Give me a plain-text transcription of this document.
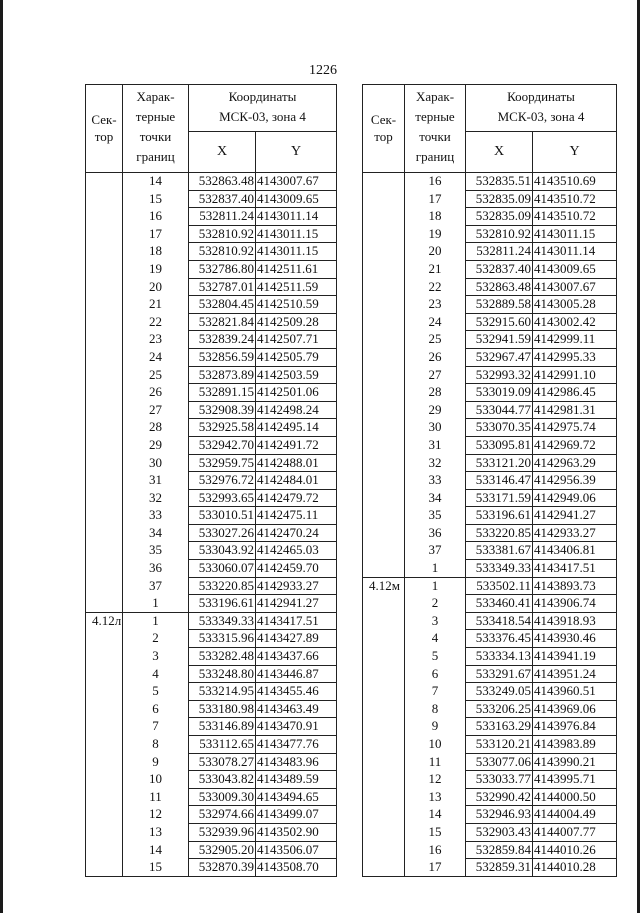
1226
Сек-
тор	Харак-
терные
точки
границ	Координаты
МСК-03, зона 4	
		X	Y
	14	532863.48	4143007.67
	15	532837.40	4143009.65
	16	532811.24	4143011.14
	17	532810.92	4143011.15
	18	532810.92	4143011.15
	19	532786.80	4142511.61
	20	532787.01	4142511.59
	21	532804.45	4142510.59
	22	532821.84	4142509.28
	23	532839.24	4142507.71
	24	532856.59	4142505.79
	25	532873.89	4142503.59
	26	532891.15	4142501.06
	27	532908.39	4142498.24
	28	532925.58	4142495.14
	29	532942.70	4142491.72
	30	532959.75	4142488.01
	31	532976.72	4142484.01
	32	532993.65	4142479.72
	33	533010.51	4142475.11
	34	533027.26	4142470.24
	35	533043.92	4142465.03
	36	533060.07	4142459.70
	37	533220.85	4142933.27
	1	533196.61	4142941.27
4.12л	1	533349.33	4143417.51
	2	533315.96	4143427.89
	3	533282.48	4143437.66
	4	533248.80	4143446.87
	5	533214.95	4143455.46
	6	533180.98	4143463.49
	7	533146.89	4143470.91
	8	533112.65	4143477.76
	9	533078.27	4143483.96
	10	533043.82	4143489.59
	11	533009.30	4143494.65
	12	532974.66	4143499.07
	13	532939.96	4143502.90
	14	532905.20	4143506.07
	15	532870.39	4143508.70
Сек-
тор	Харак-
терные
точки
границ	Координаты
МСК-03, зона 4	
		X	Y
	16	532835.51	4143510.69
	17	532835.09	4143510.72
	18	532835.09	4143510.72
	19	532810.92	4143011.15
	20	532811.24	4143011.14
	21	532837.40	4143009.65
	22	532863.48	4143007.67
	23	532889.58	4143005.28
	24	532915.60	4143002.42
	25	532941.59	4142999.11
	26	532967.47	4142995.33
	27	532993.32	4142991.10
	28	533019.09	4142986.45
	29	533044.77	4142981.31
	30	533070.35	4142975.74
	31	533095.81	4142969.72
	32	533121.20	4142963.29
	33	533146.47	4142956.39
	34	533171.59	4142949.06
	35	533196.61	4142941.27
	36	533220.85	4142933.27
	37	533381.67	4143406.81
	1	533349.33	4143417.51
4.12м	1	533502.11	4143893.73
	2	533460.41	4143906.74
	3	533418.54	4143918.93
	4	533376.45	4143930.46
	5	533334.13	4143941.19
	6	533291.67	4143951.24
	7	533249.05	4143960.51
	8	533206.25	4143969.06
	9	533163.29	4143976.84
	10	533120.21	4143983.89
	11	533077.06	4143990.21
	12	533033.77	4143995.71
	13	532990.42	4144000.50
	14	532946.93	4144004.49
	15	532903.43	4144007.77
	16	532859.84	4144010.26
	17	532859.31	4144010.28
